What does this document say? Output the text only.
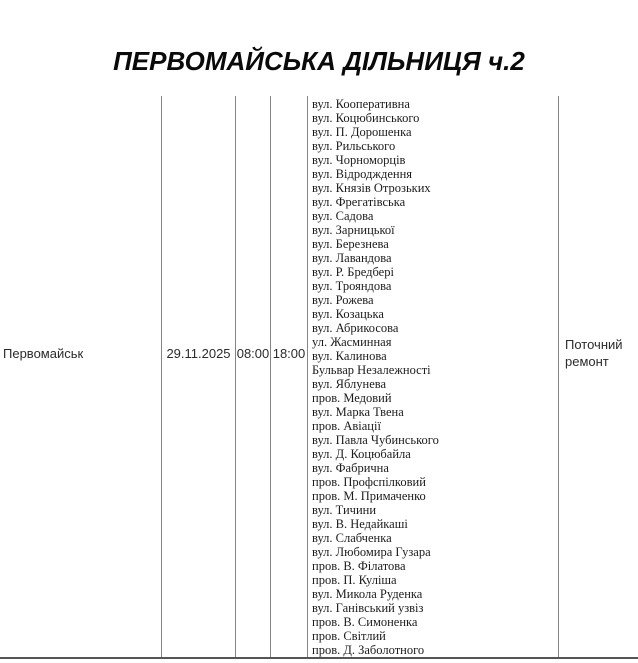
ПЕРВОМАЙСЬКА ДІЛЬНИЦЯ ч.2
Первомайськ	29.11.2025 08:00 18:00
вул. Кооперативна
вул. Коцюбинського
вул. П. Дорошенка
вул. Рильського
вул. Чорноморців
вул. Відродждення
вул. Князів Отрозьких
вул. Фрегатівська
вул. Садова
вул. Зарницької
вул. Березнева
вул. Лавандова
вул. Р. Бредбері
вул. Трояндова
вул. Рожева
вул. Козацька
вул. Абрикосова
ул. Жасминная
вул. Калинова
Бульвар Незалежності
вул. Яблунева
пров. Медовий
вул. Марка Твена
пров. Авіації
вул. Павла Чубинського
вул. Д. Коцюбайла
вул. Фабрична
пров. Профспілковий
пров. М. Примаченко
вул. Тичини
вул. В. Недайкаші
вул. Слабченка
вул. Любомира Гузара
пров. В. Філатова
пров. П. Куліша
вул. Микола Руденка
вул. Ганівський узвіз
пров. В. Симоненка
пров. Світлий
пров. Д. Заболотного
Поточний ремонт
